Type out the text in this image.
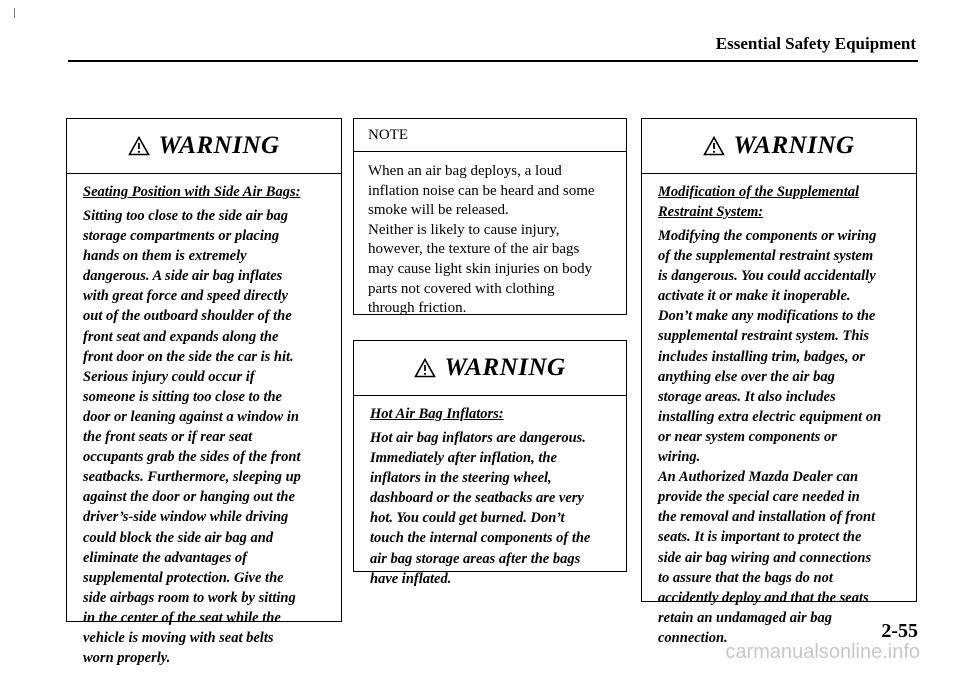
Essential Safety Equipment
WARNING
Seating Position with Side Air Bags:
Sitting too close to the side air bag
storage compartments or placing
hands on them is extremely
dangerous. A side air bag inflates
with great force and speed directly
out of the outboard shoulder of the
front seat and expands along the
front door on the side the car is hit.
Serious injury could occur if
someone is sitting too close to the
door or leaning against a window in
the front seats or if rear seat
occupants grab the sides of the front
seatbacks. Furthermore, sleeping up
against the door or hanging out the
driver’s-side window while driving
could block the side air bag and
eliminate the advantages of
supplemental protection. Give the
side airbags room to work by sitting
in the center of the seat while the
vehicle is moving with seat belts
worn properly.
NOTE
When an air bag deploys, a loud
inflation noise can be heard and some
smoke will be released.
Neither is likely to cause injury,
however, the texture of the air bags
may cause light skin injuries on body
parts not covered with clothing
through friction.
WARNING
Hot Air Bag Inflators:
Hot air bag inflators are dangerous.
Immediately after inflation, the
inflators in the steering wheel,
dashboard or the seatbacks are very
hot. You could get burned. Don’t
touch the internal components of the
air bag storage areas after the bags
have inflated.
WARNING
Modification of the Supplemental
Restraint System:
Modifying the components or wiring
of the supplemental restraint system
is dangerous. You could accidentally
activate it or make it inoperable.
Don’t make any modifications to the
supplemental restraint system. This
includes installing trim, badges, or
anything else over the air bag
storage areas. It also includes
installing extra electric equipment on
or near system components or
wiring.
An Authorized Mazda Dealer can
provide the special care needed in
the removal and installation of front
seats. It is important to protect the
side air bag wiring and connections
to assure that the bags do not
accidently deploy and that the seats
retain an undamaged air bag
connection.	2-55
carmanualsonline.info
